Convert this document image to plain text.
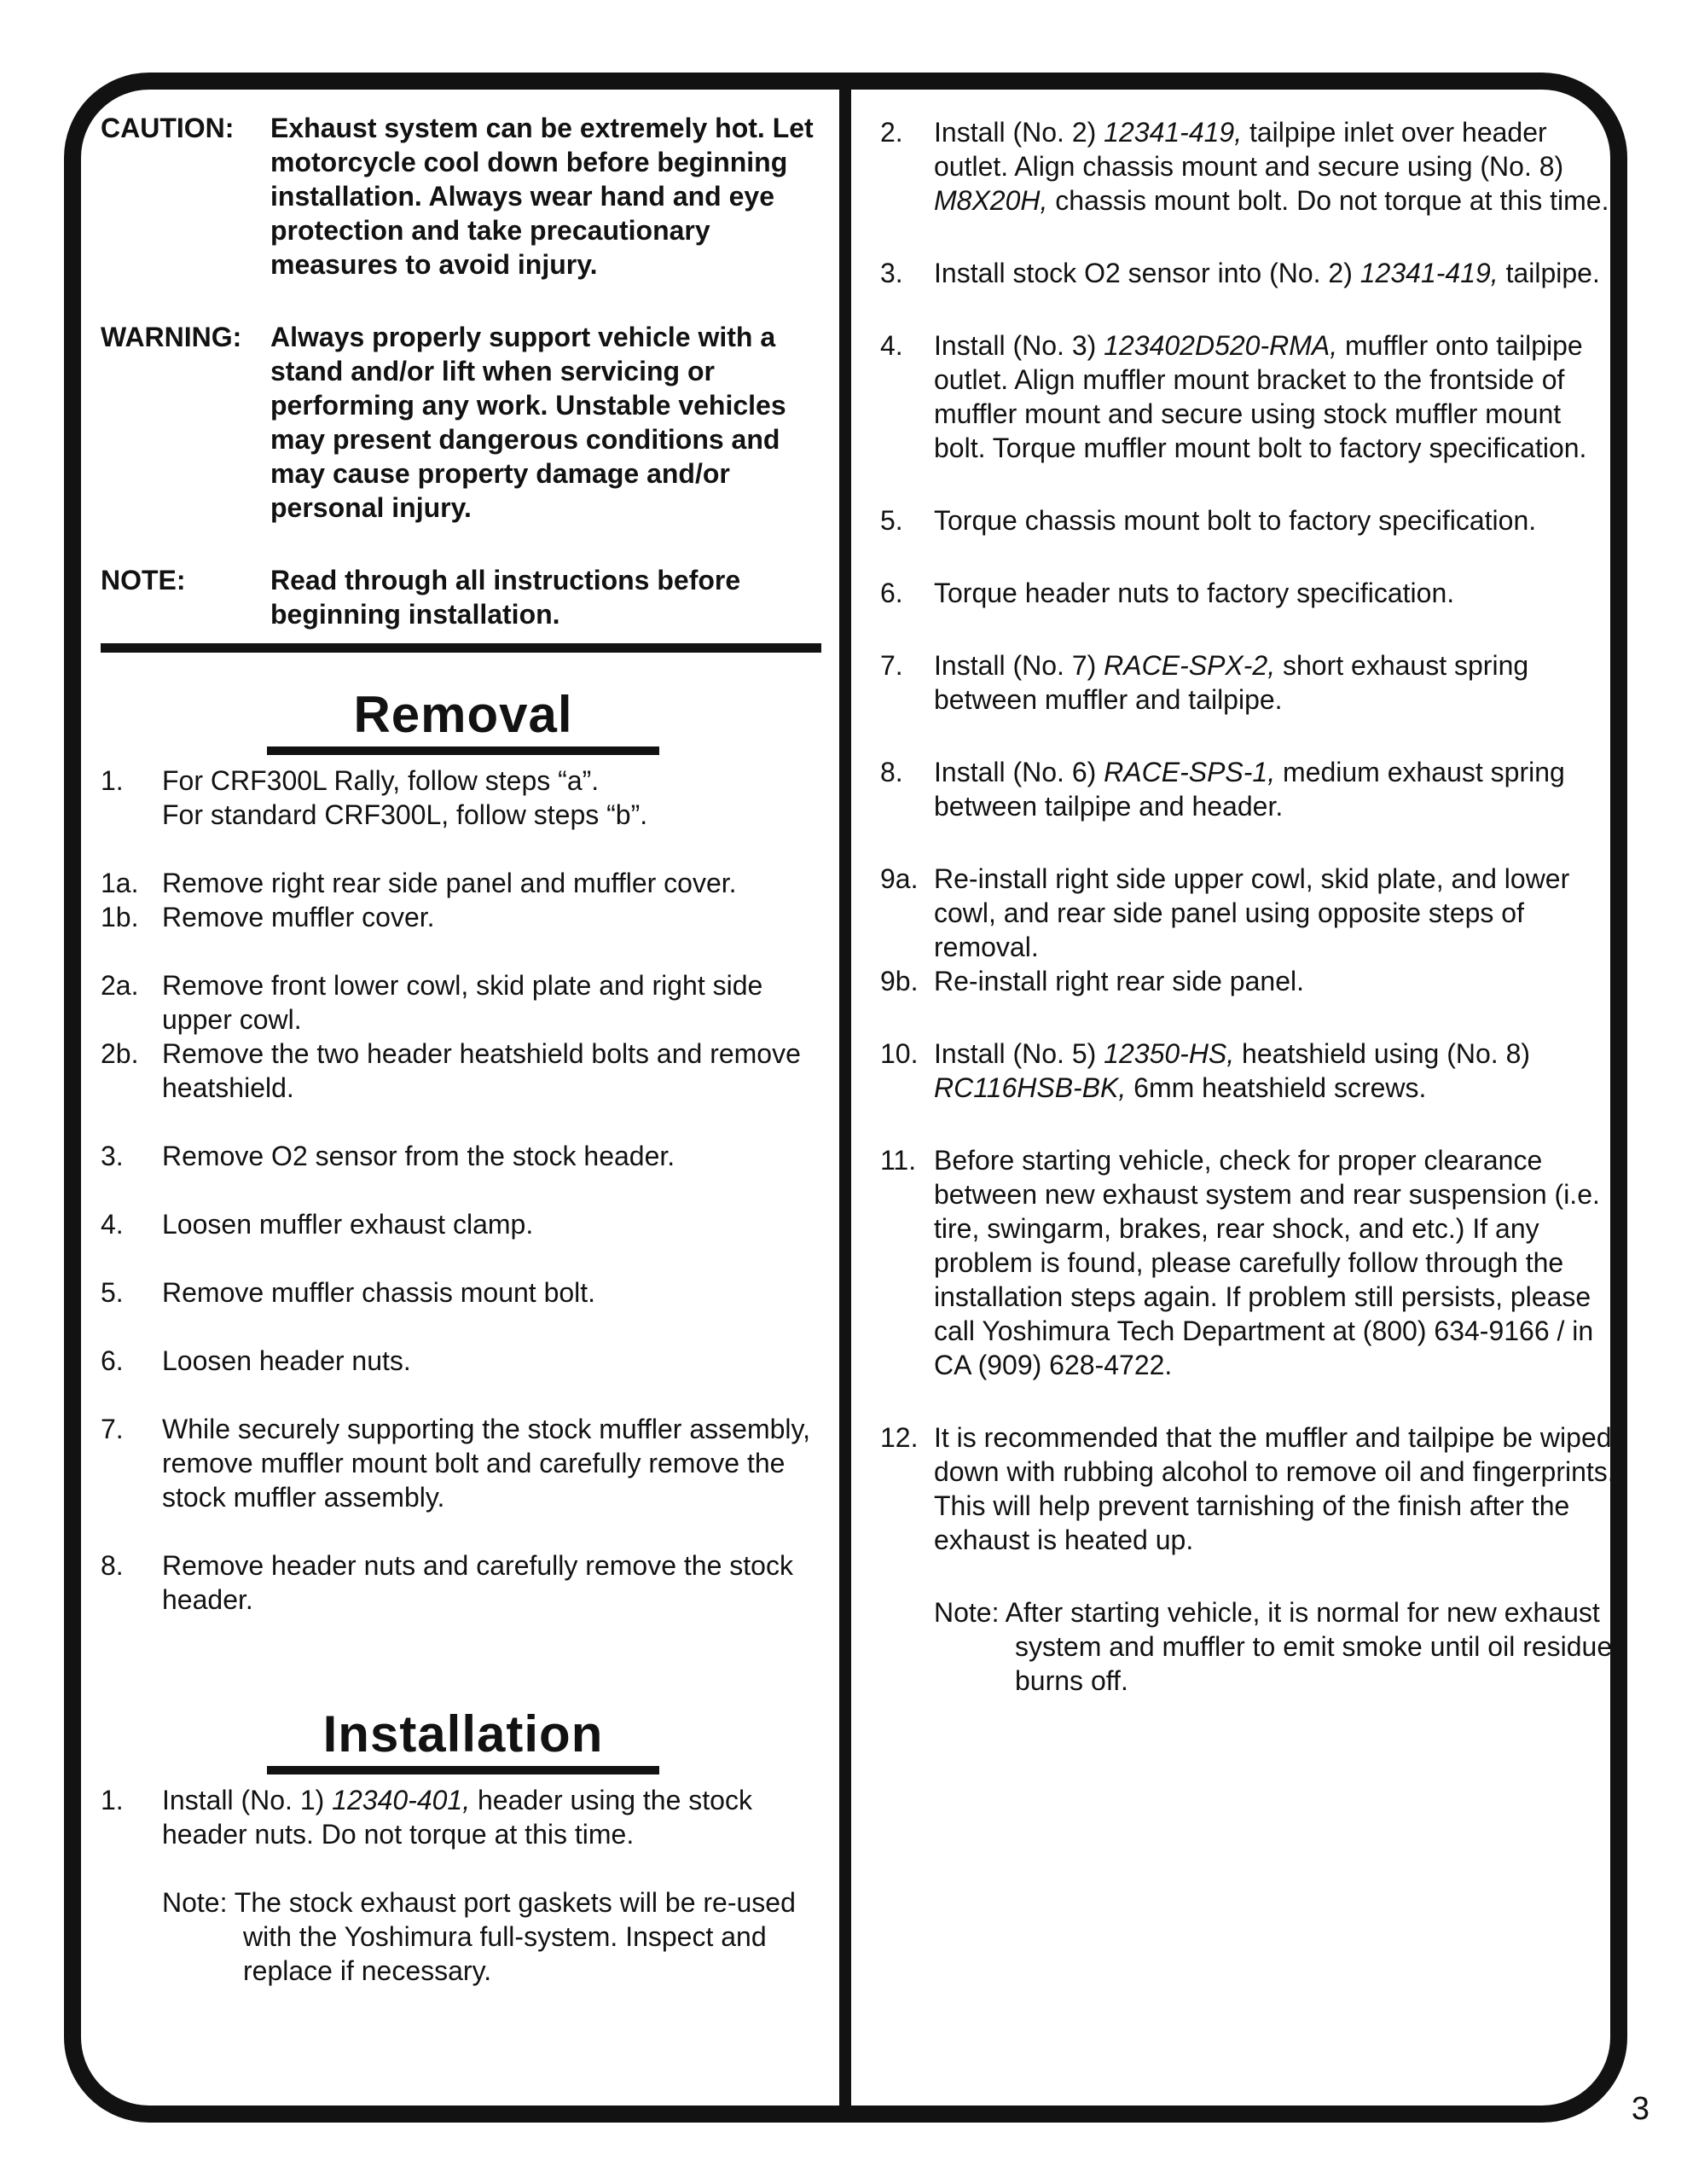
CAUTION:	Exhaust system can be extremely hot. Let motorcycle cool down before beginning installation. Always wear hand and eye protection and take precautionary measures to avoid injury.
WARNING:	Always properly support vehicle with a stand and/or lift when servicing or performing any work. Unstable vehicles may present dangerous conditions and may cause property damage and/or personal injury.
NOTE:	Read through all instructions before beginning installation.
Removal
1.	For CRF300L Rally, follow steps “a”.
For standard CRF300L, follow steps “b”.
1a. Remove right rear side panel and muffler cover.
1b. Remove muffler cover.
2a. Remove front lower cowl, skid plate and right side upper cowl.
2b. Remove the two header heatshield bolts and remove heatshield.
3.	Remove O2 sensor from the stock header.
4.	Loosen muffler exhaust clamp.
5.	Remove muffler chassis mount bolt.
6.	Loosen header nuts.
7.	While securely supporting the stock muffler assembly, remove muffler mount bolt and carefully remove the stock muffler assembly.
8.	Remove header nuts and carefully remove the stock header.
Installation
1.	Install (No. 1) 12340-401, header using the stock header nuts. Do not torque at this time.
Note: The stock exhaust port gaskets will be re-used with the Yoshimura full-system. Inspect and replace if necessary.
2.	Install (No. 2) 12341-419, tailpipe inlet over header outlet. Align chassis mount and secure using (No. 8) M8X20H, chassis mount bolt. Do not torque at this time.
3.	Install stock O2 sensor into (No. 2) 12341-419, tailpipe.
4.	Install (No. 3) 123402D520-RMA, muffler onto tailpipe outlet. Align muffler mount bracket to the frontside of muffler mount and secure using stock muffler mount bolt. Torque muffler mount bolt to factory specification.
5.	Torque chassis mount bolt to factory specification.
6.	Torque header nuts to factory specification.
7.	Install (No. 7) RACE-SPX-2, short exhaust spring between muffler and tailpipe.
8.	Install (No. 6) RACE-SPS-1, medium exhaust spring between tailpipe and header.
9a. Re-install right side upper cowl, skid plate, and lower cowl, and rear side panel using opposite steps of removal.
9b. Re-install right rear side panel.
10. Install (No. 5) 12350-HS, heatshield using (No. 8) RC116HSB-BK, 6mm heatshield screws.
11. Before starting vehicle, check for proper clearance between new exhaust system and rear suspension (i.e. tire, swingarm, brakes, rear shock, and etc.) If any problem is found, please carefully follow through the installation steps again. If problem still persists, please call Yoshimura Tech Department at (800) 634-9166 / in CA (909) 628-4722.
12. It is recommended that the muffler and tailpipe be wiped down with rubbing alcohol to remove oil and fingerprints. This will help prevent tarnishing of the finish after the exhaust is heated up.
Note: After starting vehicle, it is normal for new exhaust system and muffler to emit smoke until oil residue burns off.
3
